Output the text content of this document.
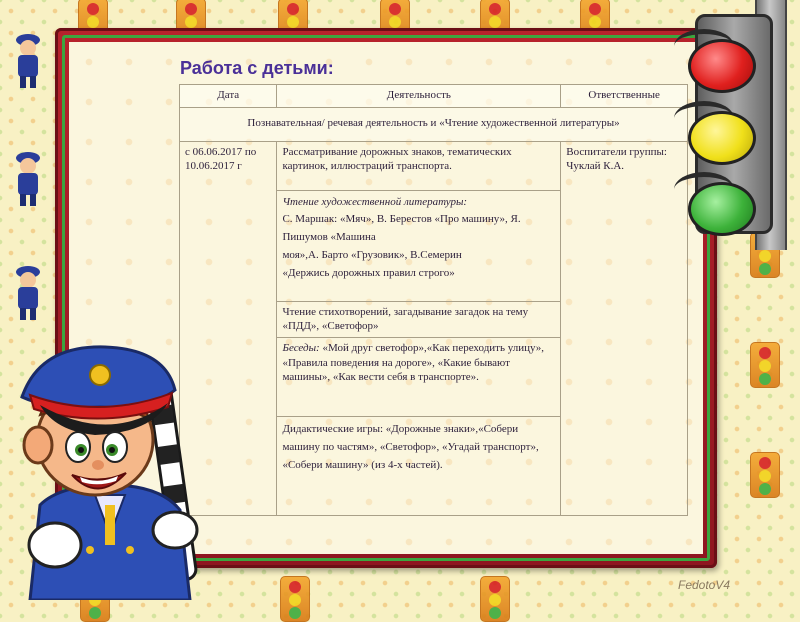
Работа с детьми:
Дата	Деятельность	Ответственные
Познавательная/ речевая деятельность и «Чтение художественной литературы»		
с 06.06.2017 по 10.06.2017 г	Рассматривание дорожных знаков, тематических картинок, иллюстраций транспорта.	Воспитатели группы:
Чуклай К.А.
	Чтение художественной литературы:
С. Маршак: «Мяч», В. Берестов «Про машину», Я. Пишумов «Машина
моя»,А. Барто «Грузовик», В.Семерин
«Держись дорожных правил строго»	
	Чтение стихотворений, загадывание загадок на тему «ПДД», «Светофор»	
	Беседы: «Мой друг светофор»,«Как переходить улицу», «Правила поведения на дороге», «Какие бывают машины», «Как вести себя в транспорте».	
	Дидактические игры: «Дорожные знаки»,«Собери машину по частям», «Светофор», «Угадай транспорт», «Собери машину» (из 4-х частей).	
FedotoV4
